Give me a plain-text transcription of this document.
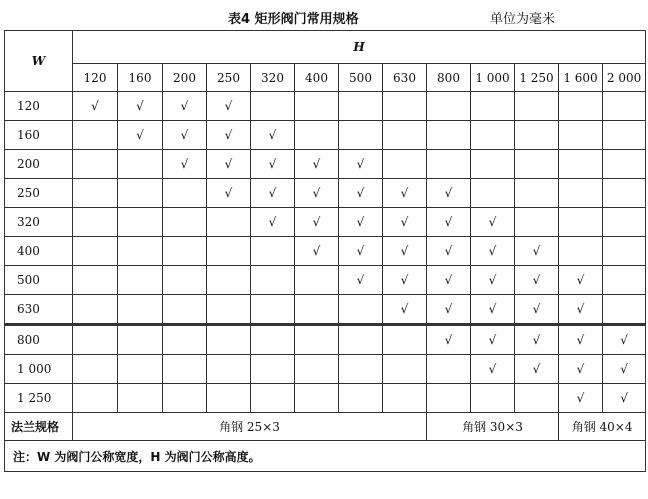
表4 矩形阀门常用规格	单位为毫米
W	H												
	120	160	200	250	320	400	500	630	800	1 000	1 250	1 600	2 000
120	√	√	√	√									
160		√	√	√	√								
200			√	√	√	√	√						
250				√	√	√	√	√	√				
320					√	√	√	√	√	√			
400						√	√	√	√	√	√		
500							√	√	√	√	√	√	
630								√	√	√	√	√	
800									√	√	√	√	√
1 000										√	√	√	√
1 250												√	√
法兰规格	角钢 25×3								角钢 30×3			角钢 40×4	
注：W 为阀门公称宽度，H 为阀门公称高度。													
